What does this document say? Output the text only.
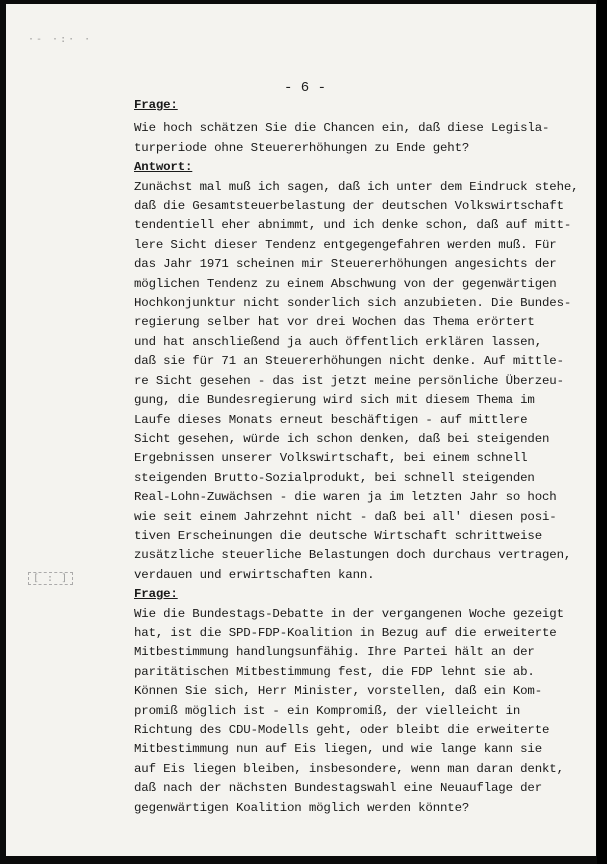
·- ·:· ·
[ : ]
- 6 -
Frage:
Wie hoch schätzen Sie die Chancen ein, daß diese Legisla-
turperiode ohne Steuererhöhungen zu Ende geht?
Antwort:
Zunächst mal muß ich sagen, daß ich unter dem Eindruck stehe,
daß die Gesamtsteuerbelastung der deutschen Volkswirtschaft
tendentiell eher abnimmt, und ich denke schon, daß auf mitt-
lere Sicht dieser Tendenz entgegengefahren werden muß. Für
das Jahr 1971 scheinen mir Steuererhöhungen angesichts der
möglichen Tendenz zu einem Abschwung von der gegenwärtigen
Hochkonjunktur nicht sonderlich sich anzubieten. Die Bundes-
regierung selber hat vor drei Wochen das Thema erörtert
und hat anschließend ja auch öffentlich erklären lassen,
daß sie für 71 an Steuererhöhungen nicht denke. Auf mittle-
re Sicht gesehen - das ist jetzt meine persönliche Überzeu-
gung, die Bundesregierung wird sich mit diesem Thema im
Laufe dieses Monats erneut beschäftigen - auf mittlere
Sicht gesehen, würde ich schon denken, daß bei steigenden
Ergebnissen unserer Volkswirtschaft, bei einem schnell
steigenden Brutto-Sozialprodukt, bei schnell steigenden
Real-Lohn-Zuwächsen - die waren ja im letzten Jahr so hoch
wie seit einem Jahrzehnt nicht - daß bei all' diesen posi-
tiven Erscheinungen die deutsche Wirtschaft schrittweise
zusätzliche steuerliche Belastungen doch durchaus vertragen,
verdauen und erwirtschaften kann.
Frage:
Wie die Bundestags-Debatte in der vergangenen Woche gezeigt
hat, ist die SPD-FDP-Koalition in Bezug auf die erweiterte
Mitbestimmung handlungsunfähig. Ihre Partei hält an der
paritätischen Mitbestimmung fest, die FDP lehnt sie ab.
Können Sie sich, Herr Minister, vorstellen, daß ein Kom-
promiß möglich ist - ein Kompromiß, der vielleicht in
Richtung des CDU-Modells geht, oder bleibt die erweiterte
Mitbestimmung nun auf Eis liegen, und wie lange kann sie
auf Eis liegen bleiben, insbesondere, wenn man daran denkt,
daß nach der nächsten Bundestagswahl eine Neuauflage der
gegenwärtigen Koalition möglich werden könnte?
